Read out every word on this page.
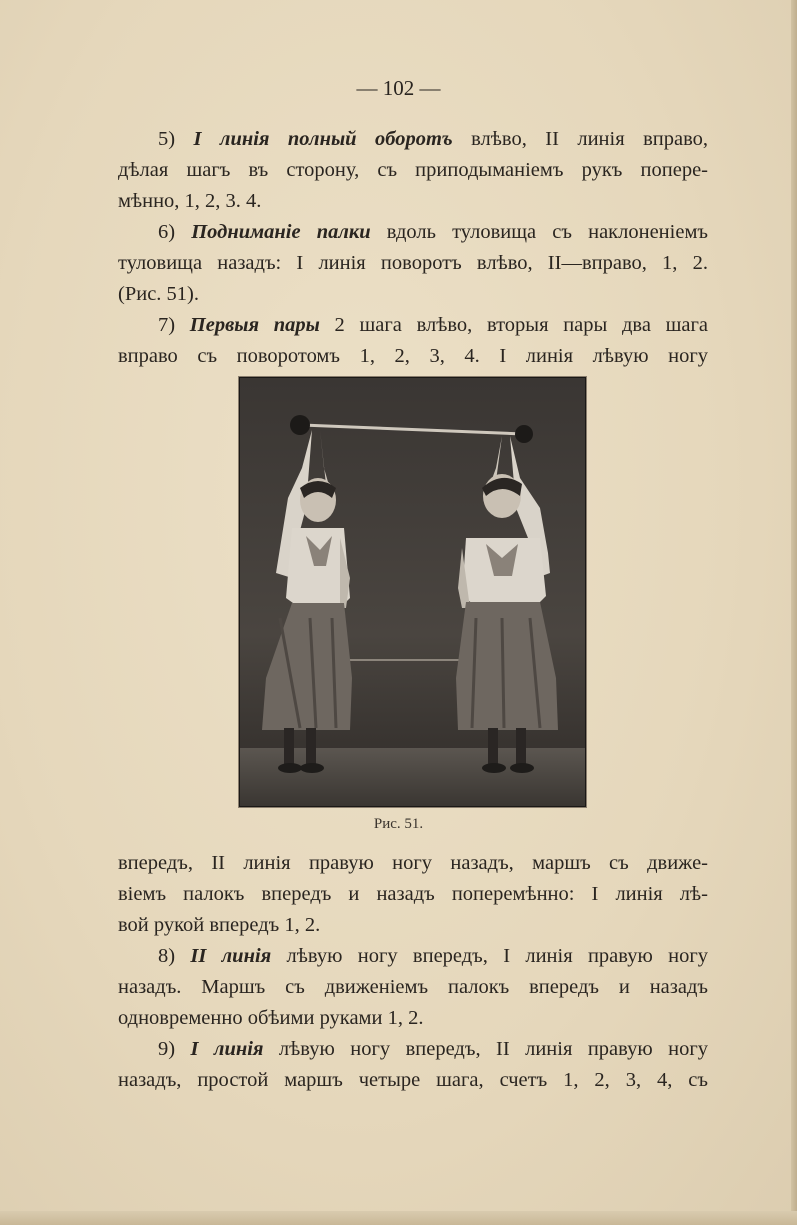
— 102 —
5) I линія полный оборотъ влѣво, II линія вправо,
дѣлая шагъ въ сторону, съ приподыманіемъ рукъ попере-
мѣнно, 1, 2, 3. 4.
6) Подниманіе палки вдоль туловища съ наклоненіемъ
туловища назадъ: I линія поворотъ влѣво, II—вправо, 1, 2.
(Рис. 51).
7) Первыя пары 2 шага влѣво, вторыя пары два шага
вправо съ поворотомъ 1, 2, 3, 4. I линія лѣвую ногу
Рис. 51.
впередъ, II линія правую ногу назадъ, маршъ съ движе-
віемъ палокъ впередъ и назадъ поперемѣнно: I линія лѣ-
вой рукой впередъ 1, 2.
8) II линія лѣвую ногу впередъ, I линія правую ногу
назадъ. Маршъ съ движеніемъ палокъ впередъ и назадъ
одновременно обѣими руками 1, 2.
9) I линія лѣвую ногу впередъ, II линія правую ногу
назадъ, простой маршъ четыре шага, счетъ 1, 2, 3, 4, съ
